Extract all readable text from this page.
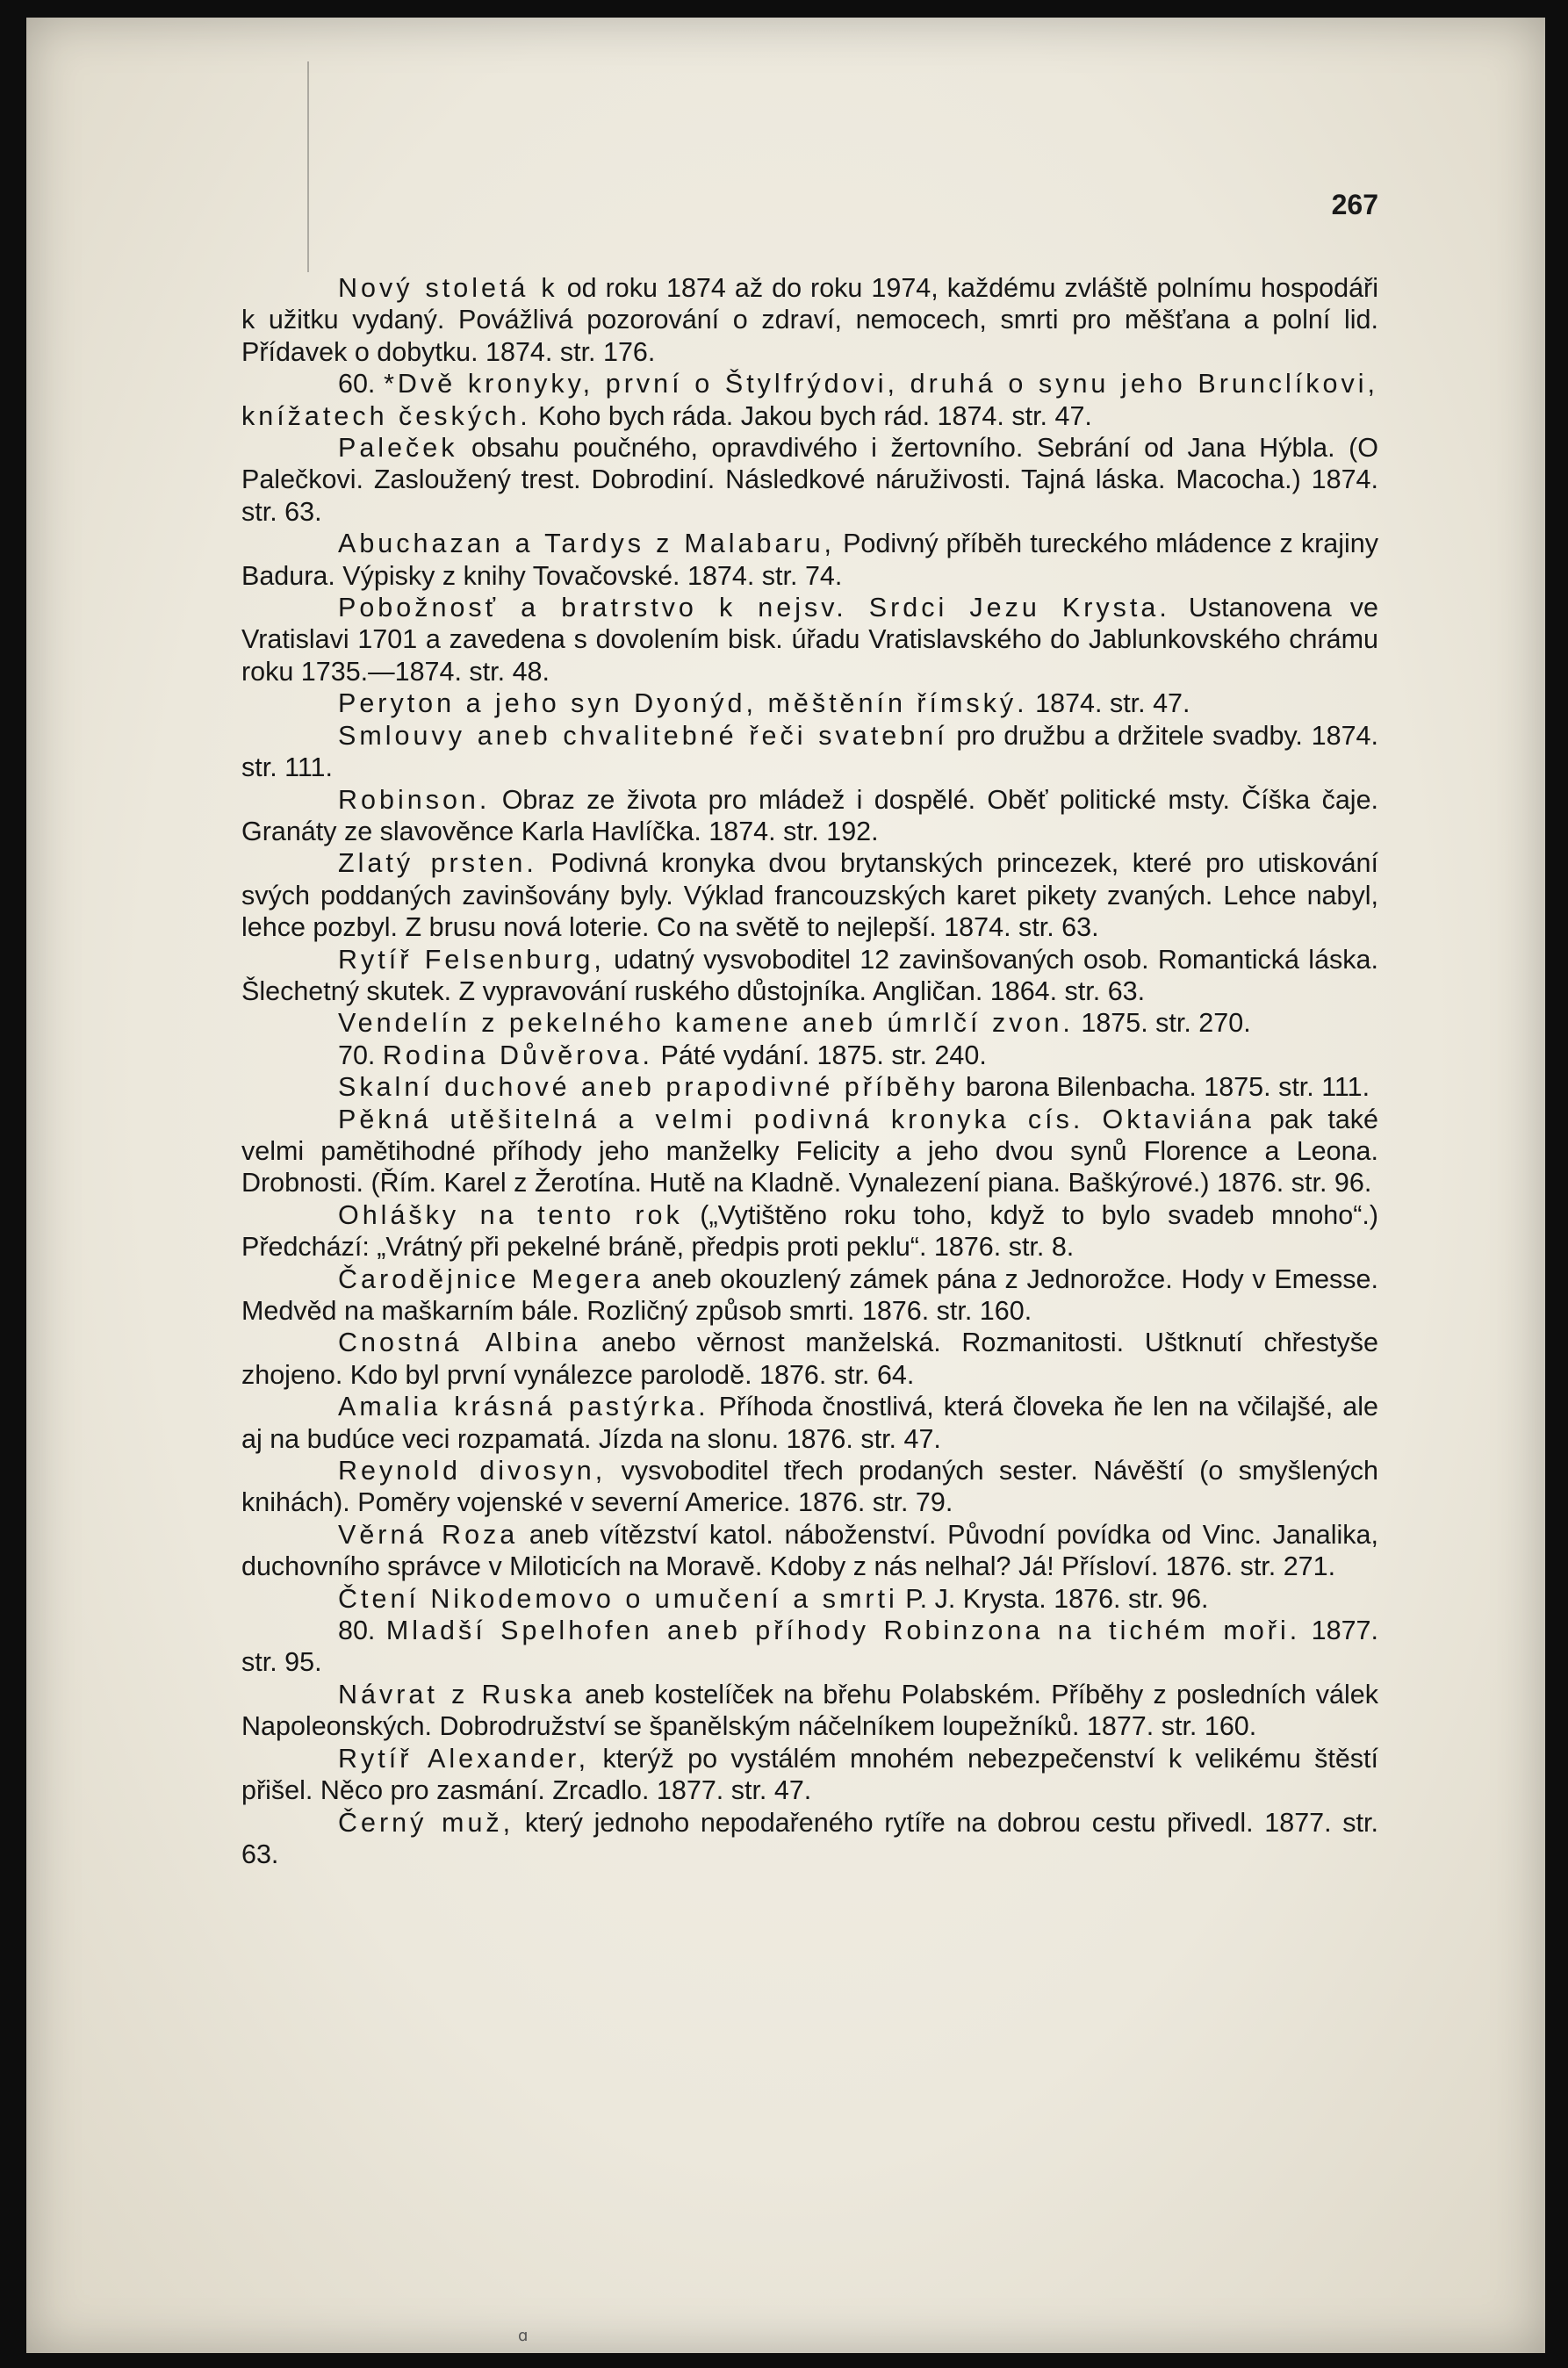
267

Nový stoletá k od roku 1874 až do roku 1974, každému zvláště polnímu hospodáři k užitku vydaný. Povážlivá pozorování o zdraví, nemocech, smrti pro měšťana a polní lid. Přídavek o dobytku. 1874. str. 176.

60. *Dvě kronyky, první o Štylfrýdovi, druhá o synu jeho Brunclíkovi, knížatech českých. Koho bych ráda. Jakou bych rád. 1874. str. 47.

Paleček obsahu poučného, opravdivého i žertovního. Sebrání od Jana Hýbla. (O Palečkovi. Zasloužený trest. Dobrodiní. Následkové náruživosti. Tajná láska. Macocha.) 1874. str. 63.

Abuchazan a Tardys z Malabaru, Podivný příběh tureckého mládence z krajiny Badura. Výpisky z knihy Tovačovské. 1874. str. 74.

Pobožnosť a bratrstvo k nejsv. Srdci Jezu Krysta. Ustanovena ve Vratislavi 1701 a zavedena s dovolením bisk. úřadu Vratislavského do Jablunkovského chrámu roku 1735.—1874. str. 48.

Peryton a jeho syn Dyonýd, měštěnín římský. 1874. str. 47.

Smlouvy aneb chvalitebné řeči svatební pro družbu a držitele svadby. 1874. str. 111.

Robinson. Obraz ze života pro mládež i dospělé. Oběť politické msty. Číška čaje. Granáty ze slavověnce Karla Havlíčka. 1874. str. 192.

Zlatý prsten. Podivná kronyka dvou brytanských princezek, které pro utiskování svých poddaných zavinšovány byly. Výklad francouzských karet pikety zvaných. Lehce nabyl, lehce pozbyl. Z brusu nová loterie. Co na světě to nejlepší. 1874. str. 63.

Rytíř Felsenburg, udatný vysvoboditel 12 zavinšovaných osob. Romantická láska. Šlechetný skutek. Z vypravování ruského důstojníka. Angličan. 1864. str. 63.

Vendelín z pekelného kamene aneb úmrlčí zvon. 1875. str. 270.

70. Rodina Důvěrova. Páté vydání. 1875. str. 240.

Skalní duchové aneb prapodivné příběhy barona Bilenbacha. 1875. str. 111.

Pěkná utěšitelná a velmi podivná kronyka cís. Oktaviána pak také velmi pamětihodné příhody jeho manželky Felicity a jeho dvou synů Florence a Leona. Drobnosti. (Řím. Karel z Žerotína. Hutě na Kladně. Vynalezení piana. Baškýrové.) 1876. str. 96.

Ohlášky na tento rok („Vytištěno roku toho, když to bylo svadeb mnoho“.) Předchází: „Vrátný při pekelné bráně, předpis proti peklu“. 1876. str. 8.

Čarodějnice Megera aneb okouzlený zámek pána z Jednorožce. Hody v Emesse. Medvěd na maškarním bále. Rozličný způsob smrti. 1876. str. 160.

Cnostná Albina anebo věrnost manželská. Rozmanitosti. Uštknutí chřestyše zhojeno. Kdo byl první vynálezce parolodě. 1876. str. 64.

Amalia krásná pastýrka. Příhoda čnostlivá, která človeka ňe len na včilajšé, ale aj na budúce veci rozpamatá. Jízda na slonu. 1876. str. 47.

Reynold divosyn, vysvoboditel třech prodaných sester. Návěští (o smyšlených knihách). Poměry vojenské v severní Americe. 1876. str. 79.

Věrná Roza aneb vítězství katol. náboženství. Původní povídka od Vinc. Janalika, duchovního správce v Miloticích na Moravě. Kdoby z nás nelhal? Já! Přísloví. 1876. str. 271.

Čtení Nikodemovo o umučení a smrti P. J. Krysta. 1876. str. 96.

80. Mladší Spelhofen aneb příhody Robinzona na tichém moři. 1877. str. 95.

Návrat z Ruska aneb kostelíček na břehu Polabském. Příběhy z posledních válek Napoleonských. Dobrodružství se španělským náčelníkem loupežníků. 1877. str. 160.

Rytíř Alexander, kterýž po vystálém mnohém nebezpečenství k velikému štěstí přišel. Něco pro zasmání. Zrcadlo. 1877. str. 47.

Černý muž, který jednoho nepodařeného rytíře na dobrou cestu přivedl. 1877. str. 63.

ɑ
